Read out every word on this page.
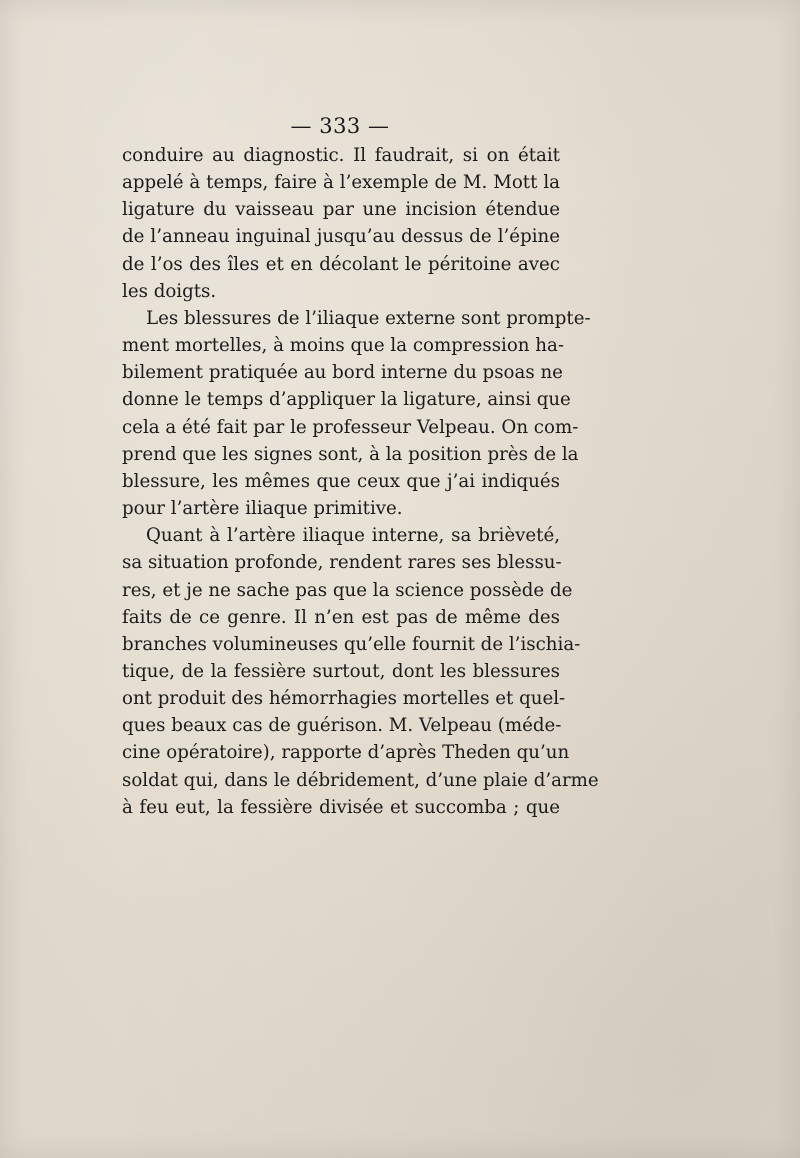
— 333 —
conduire au diagnostic. Il faudrait, si on était
appelé à temps, faire à l’exemple de M. Mott la
ligature du vaisseau par une incision étendue
de l’anneau inguinal jusqu’au dessus de l’épine
de l’os des îles et en décolant le péritoine avec
les doigts.
Les blessures de l’iliaque externe sont prompte-
ment mortelles, à moins que la compression ha-
bilement pratiquée au bord interne du psoas ne
donne le temps d’appliquer la ligature, ainsi que
cela a été fait par le professeur Velpeau. On com-
prend que les signes sont, à la position près de la
blessure, les mêmes que ceux que j’ai indiqués
pour l’artère iliaque primitive.
Quant à l’artère iliaque interne, sa brièveté,
sa situation profonde, rendent rares ses blessu-
res, et je ne sache pas que la science possède de
faits de ce genre. Il n’en est pas de même des
branches volumineuses qu’elle fournit de l’ischia-
tique, de la fessière surtout, dont les blessures
ont produit des hémorrhagies mortelles et quel-
ques beaux cas de guérison. M. Velpeau (médе-
cine opératoire), rapporte d’après Theden qu’un
soldat qui, dans le débridement, d’une plaie d’arme
à feu eut, la fessière divisée et succomba ; que
